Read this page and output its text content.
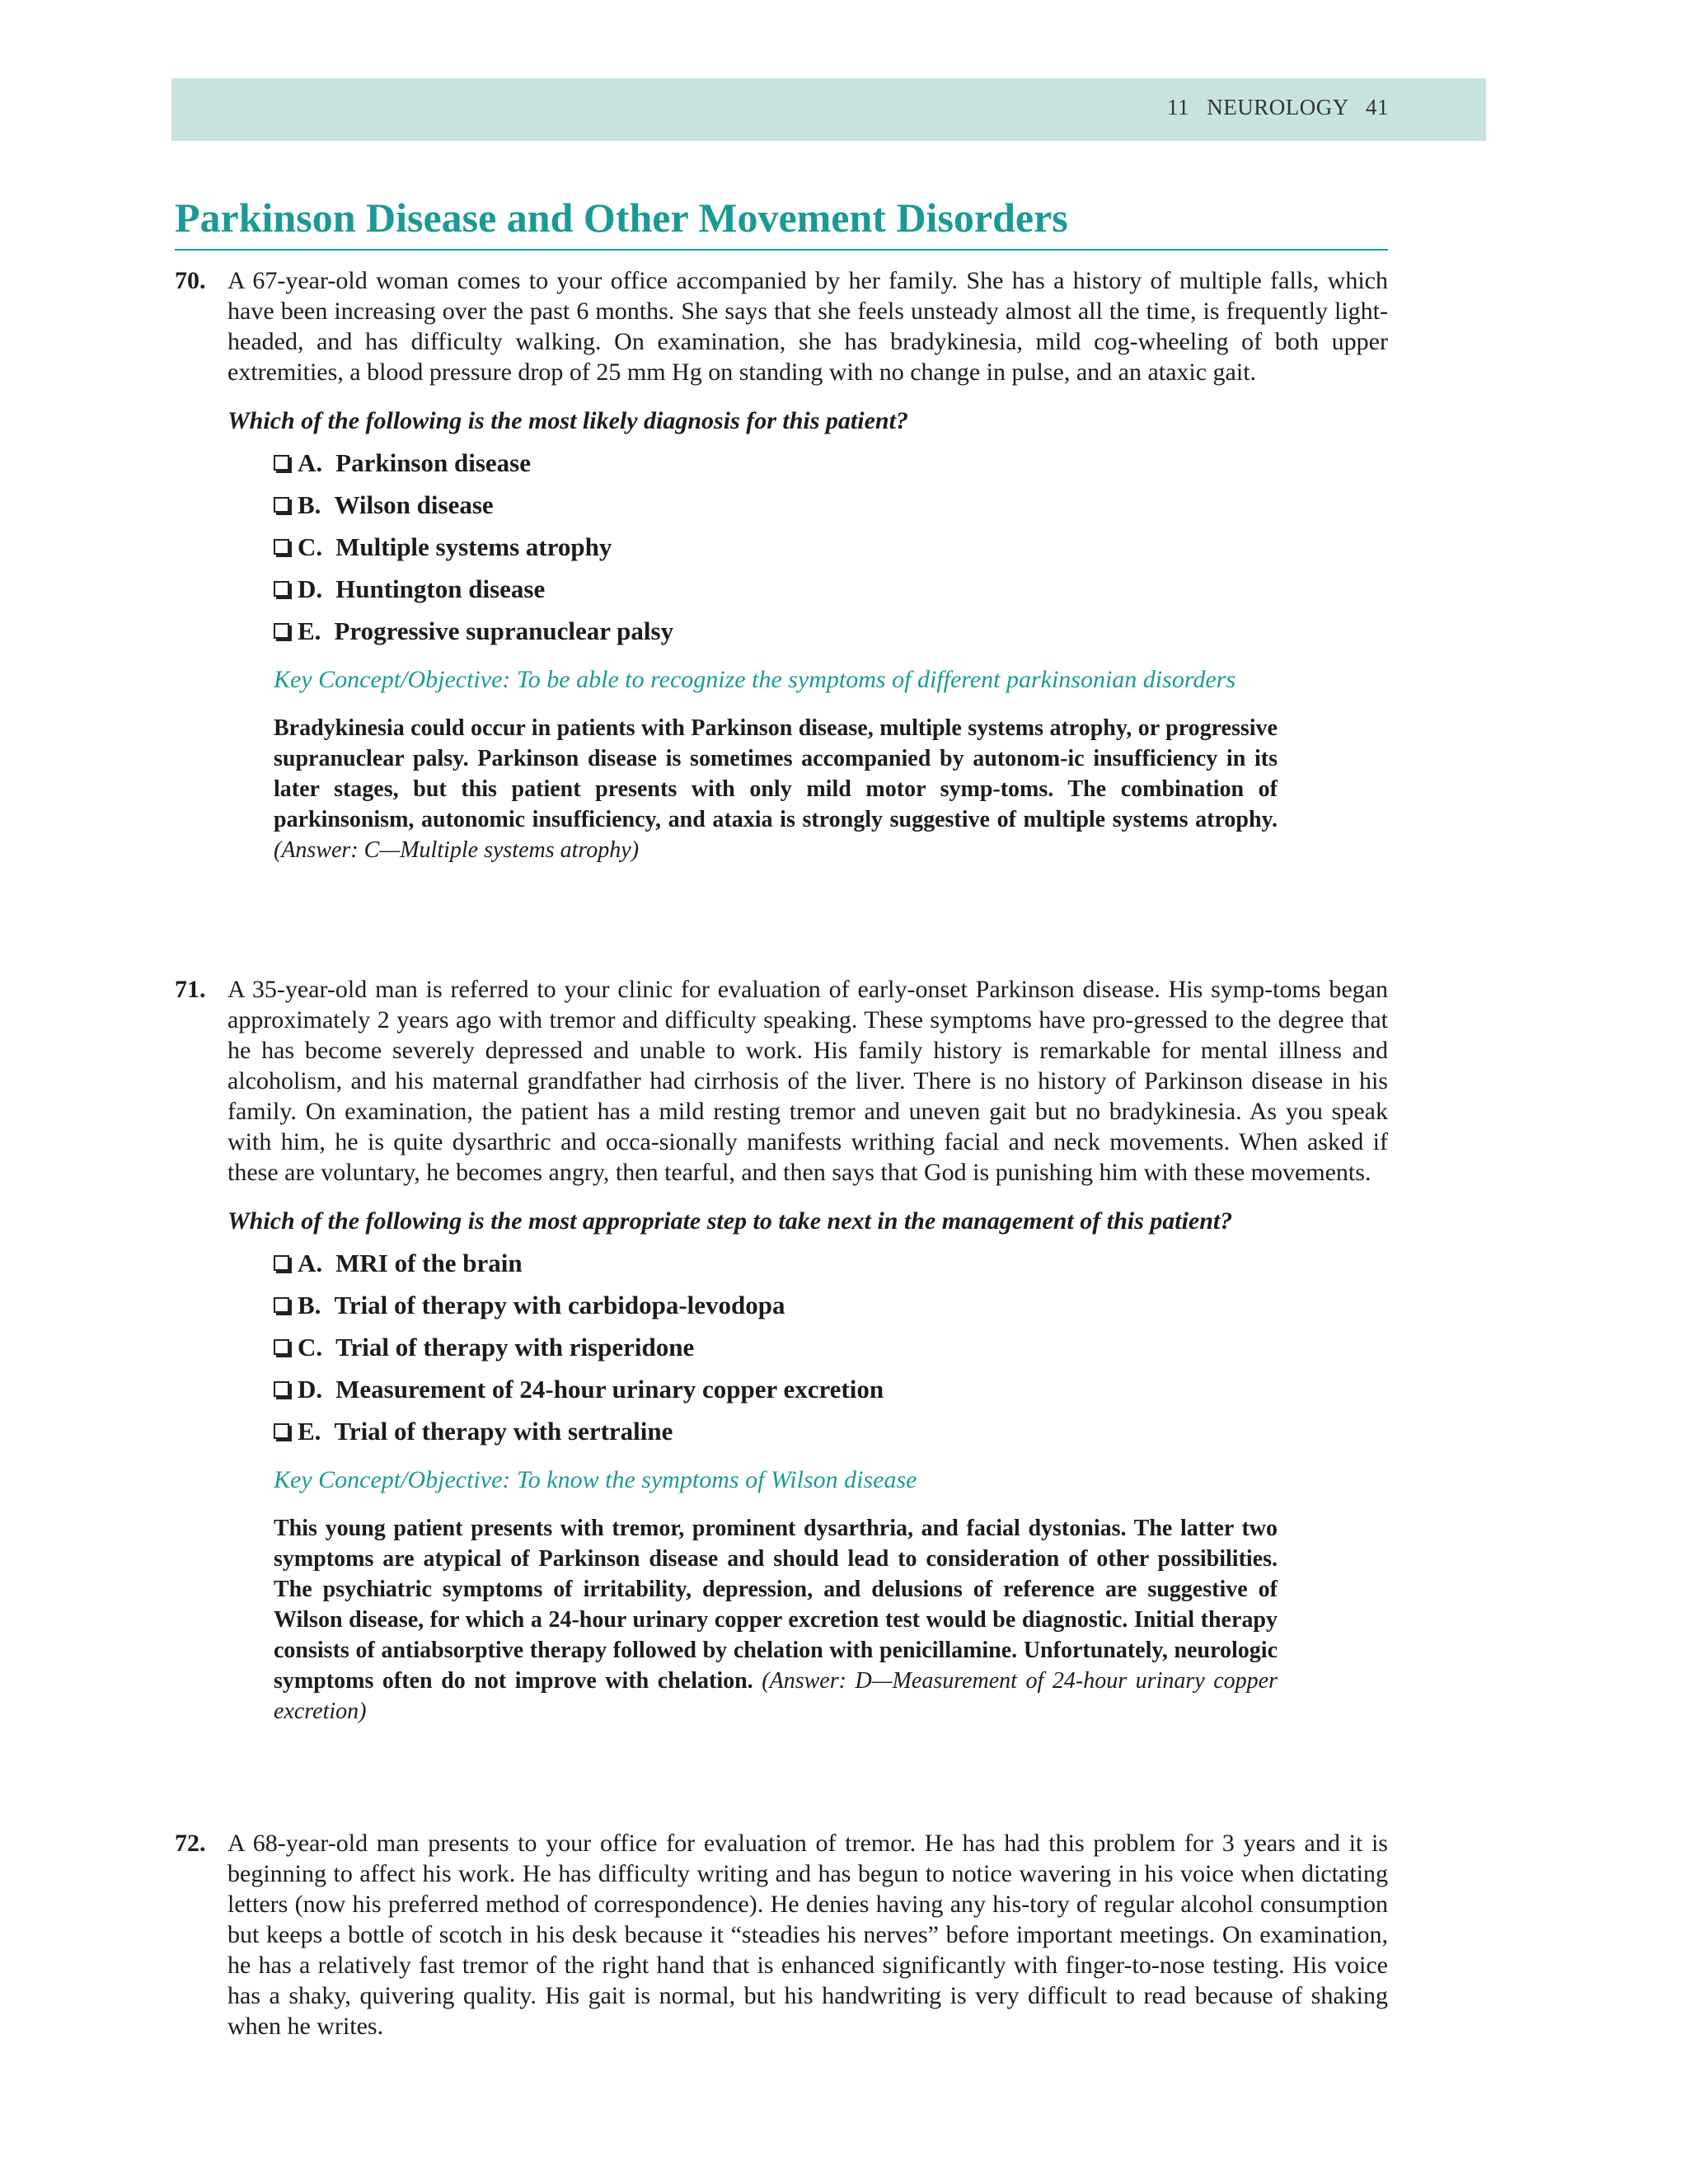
11 NEUROLOGY 41
Parkinson Disease and Other Movement Disorders
70. A 67-year-old woman comes to your office accompanied by her family. She has a history of multiple falls, which have been increasing over the past 6 months. She says that she feels unsteady almost all the time, is frequently light-headed, and has difficulty walking. On examination, she has bradykinesia, mild cog-wheeling of both upper extremities, a blood pressure drop of 25 mm Hg on standing with no change in pulse, and an ataxic gait.
Which of the following is the most likely diagnosis for this patient?
A. Parkinson disease
B. Wilson disease
C. Multiple systems atrophy
D. Huntington disease
E. Progressive supranuclear palsy
Key Concept/Objective: To be able to recognize the symptoms of different parkinsonian disorders
Bradykinesia could occur in patients with Parkinson disease, multiple systems atrophy, or progressive supranuclear palsy. Parkinson disease is sometimes accompanied by autonom-ic insufficiency in its later stages, but this patient presents with only mild motor symp-toms. The combination of parkinsonism, autonomic insufficiency, and ataxia is strongly suggestive of multiple systems atrophy. (Answer: C—Multiple systems atrophy)
71. A 35-year-old man is referred to your clinic for evaluation of early-onset Parkinson disease. His symp-toms began approximately 2 years ago with tremor and difficulty speaking. These symptoms have pro-gressed to the degree that he has become severely depressed and unable to work. His family history is remarkable for mental illness and alcoholism, and his maternal grandfather had cirrhosis of the liver. There is no history of Parkinson disease in his family. On examination, the patient has a mild resting tremor and uneven gait but no bradykinesia. As you speak with him, he is quite dysarthric and occa-sionally manifests writhing facial and neck movements. When asked if these are voluntary, he becomes angry, then tearful, and then says that God is punishing him with these movements.
Which of the following is the most appropriate step to take next in the management of this patient?
A. MRI of the brain
B. Trial of therapy with carbidopa-levodopa
C. Trial of therapy with risperidone
D. Measurement of 24-hour urinary copper excretion
E. Trial of therapy with sertraline
Key Concept/Objective: To know the symptoms of Wilson disease
This young patient presents with tremor, prominent dysarthria, and facial dystonias. The latter two symptoms are atypical of Parkinson disease and should lead to consideration of other possibilities. The psychiatric symptoms of irritability, depression, and delusions of reference are suggestive of Wilson disease, for which a 24-hour urinary copper excretion test would be diagnostic. Initial therapy consists of antiabsorptive therapy followed by chelation with penicillamine. Unfortunately, neurologic symptoms often do not improve with chelation. (Answer: D—Measurement of 24-hour urinary copper excretion)
72. A 68-year-old man presents to your office for evaluation of tremor. He has had this problem for 3 years and it is beginning to affect his work. He has difficulty writing and has begun to notice wavering in his voice when dictating letters (now his preferred method of correspondence). He denies having any his-tory of regular alcohol consumption but keeps a bottle of scotch in his desk because it “steadies his nerves” before important meetings. On examination, he has a relatively fast tremor of the right hand that is enhanced significantly with finger-to-nose testing. His voice has a shaky, quivering quality. His gait is normal, but his handwriting is very difficult to read because of shaking when he writes.
